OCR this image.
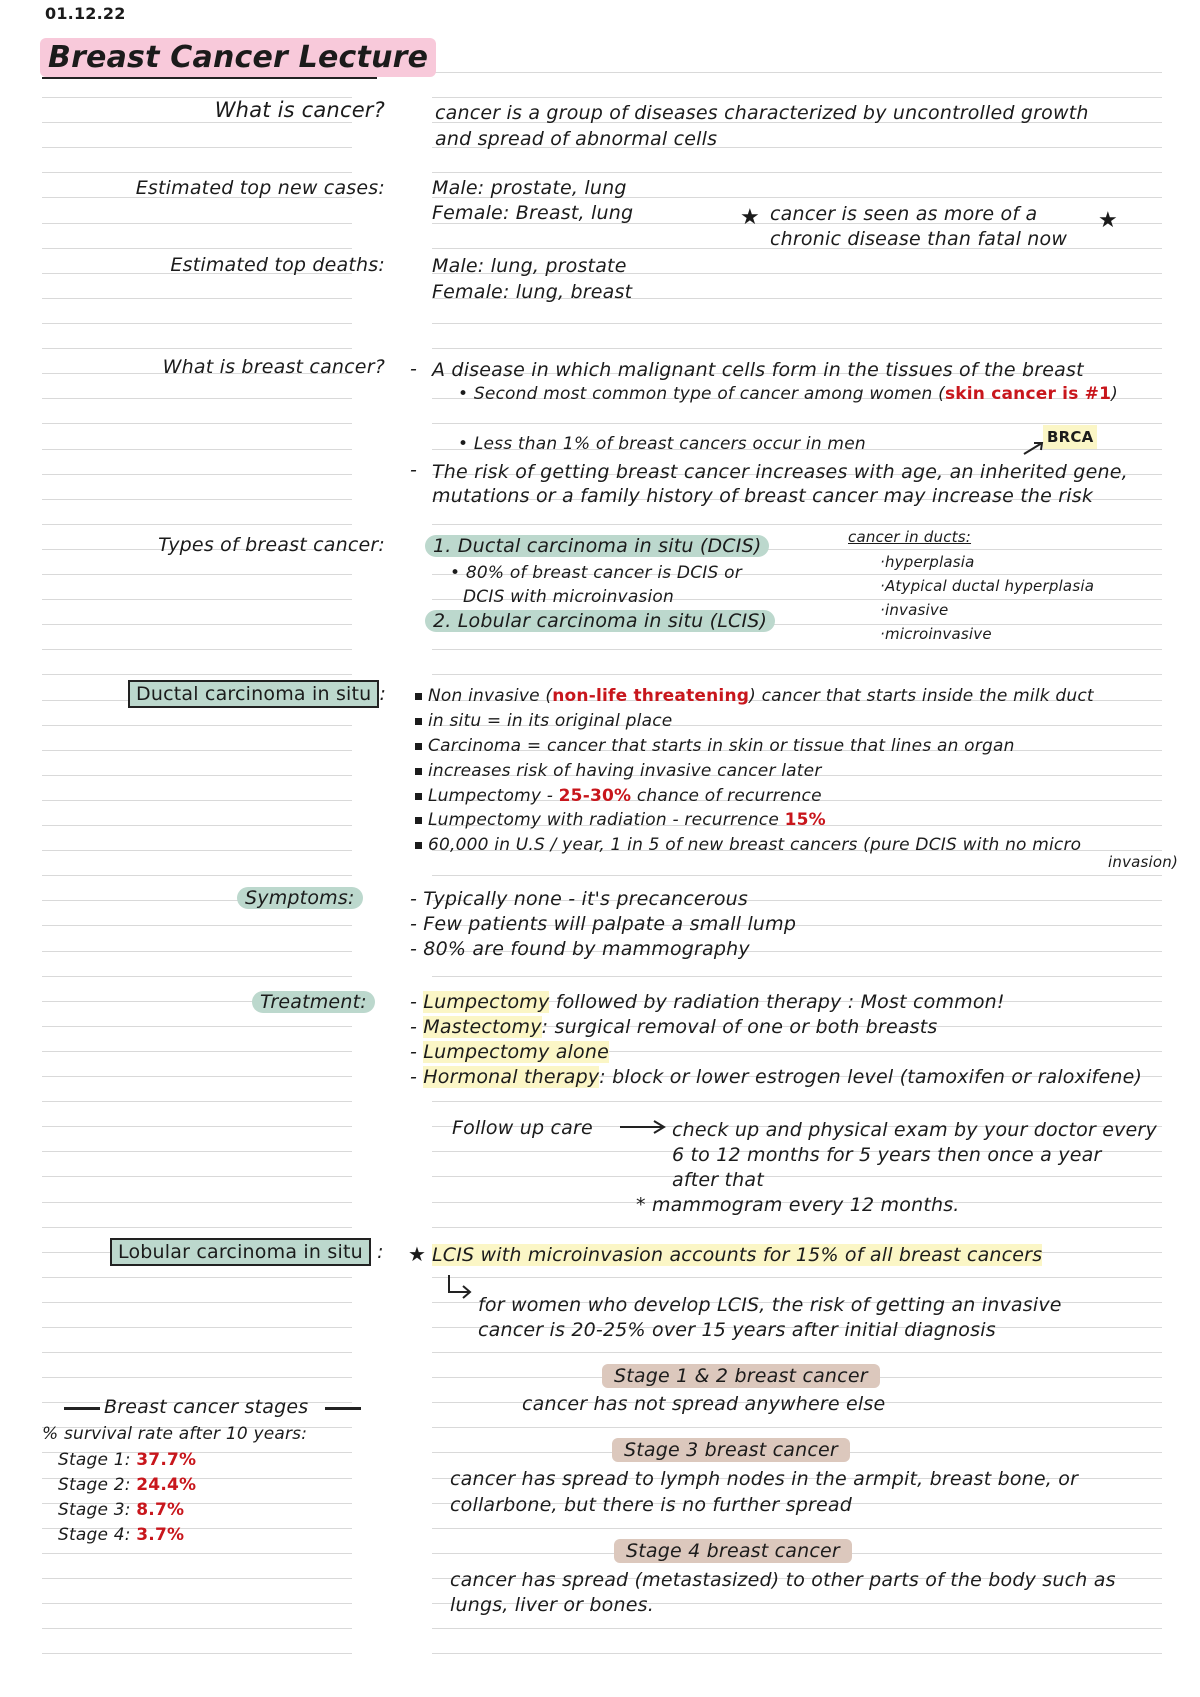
01.12.22
Breast Cancer Lecture
What is cancer?	cancer is a group of diseases characterized by uncontrolled growth
and spread of abnormal cells
Estimated top new cases: Male: prostate, lung
Female: Breast, lung	★ cancer is seen as more of a
chronic disease than fatal now
★
Estimated top deaths: Male: lung, prostate
Female: lung, breast
What is breast cancer? - A disease in which malignant cells form in the tissues of the breast
• Second most common type of cancer among women (skin cancer is #1)
• Less than 1% of breast cancers occur in men	BRCA
- The risk of getting breast cancer increases with age, an inherited gene,
mutations or a family history of breast cancer may increase the risk
Types of breast cancer:	1. Ductal carcinoma in situ (DCIS)
• 80% of breast cancer is DCIS or
DCIS with microinvasion
2. Lobular carcinoma in situ (LCIS)
cancer in ducts:
·hyperplasia
·Atypical ductal hyperplasia
·invasive
·microinvasive
Ductal carcinoma in situ :	Non invasive (non-life threatening) cancer that starts inside the milk duct
in situ = in its original place
Carcinoma = cancer that starts in skin or tissue that lines an organ
increases risk of having invasive cancer later
Lumpectomy - 25-30% chance of recurrence
Lumpectomy with radiation - recurrence 15%
60,000 in U.S / year, 1 in 5 of new breast cancers (pure DCIS with no micro
invasion)
Symptoms:	- Typically none - it's precancerous
- Few patients will palpate a small lump
- 80% are found by mammography
Treatment:	- Lumpectomy followed by radiation therapy : Most common!
- Mastectomy: surgical removal of one or both breasts
- Lumpectomy alone
- Hormonal therapy: block or lower estrogen level (tamoxifen or raloxifene)
Follow up care	check up and physical exam by your doctor every
6 to 12 months for 5 years then once a year
after that
* mammogram every 12 months.
Lobular carcinoma in situ : ★ LCIS with microinvasion accounts for 15% of all breast cancers
for women who develop LCIS, the risk of getting an invasive
cancer is 20-25% over 15 years after initial diagnosis
Breast cancer stages
% survival rate after 10 years:
Stage 1: 37.7%
Stage 2: 24.4%
Stage 3: 8.7%
Stage 4: 3.7%
Stage 1 & 2 breast cancer
cancer has not spread anywhere else
Stage 3 breast cancer
cancer has spread to lymph nodes in the armpit, breast bone, or
collarbone, but there is no further spread
Stage 4 breast cancer
cancer has spread (metastasized) to other parts of the body such as
lungs, liver or bones.
